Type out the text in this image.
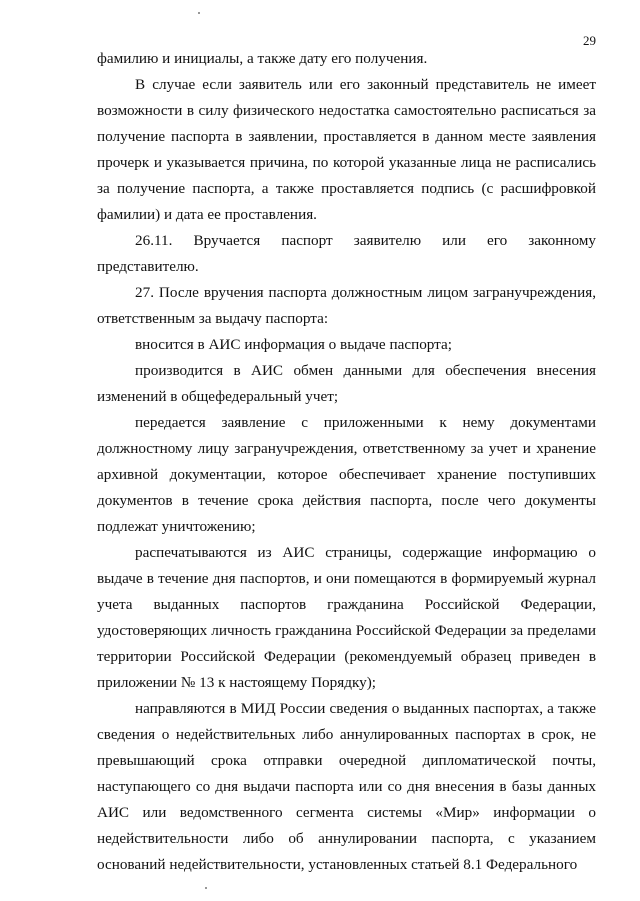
29

фамилию и инициалы, а также дату его получения.

В случае если заявитель или его законный представитель не имеет возможности в силу физического недостатка самостоятельно расписаться за получение паспорта в заявлении, проставляется в данном месте заявления прочерк и указывается причина, по которой указанные лица не расписались за получение паспорта, а также проставляется подпись (с расшифровкой фамилии) и дата ее проставления.

26.11. Вручается паспорт заявителю или его законному представителю.

27. После вручения паспорта должностным лицом загранучреждения, ответственным за выдачу паспорта:

вносится в АИС информация о выдаче паспорта;

производится в АИС обмен данными для обеспечения внесения изменений в общефедеральный учет;

передается заявление с приложенными к нему документами должностному лицу загранучреждения, ответственному за учет и хранение архивной документации, которое обеспечивает хранение поступивших документов в течение срока действия паспорта, после чего документы подлежат уничтожению;

распечатываются из АИС страницы, содержащие информацию о выдаче в течение дня паспортов, и они помещаются в формируемый журнал учета выданных паспортов гражданина Российской Федерации, удостоверяющих личность гражданина Российской Федерации за пределами территории Российской Федерации (рекомендуемый образец приведен в приложении № 13 к настоящему Порядку);

направляются в МИД России сведения о выданных паспортах, а также сведения о недействительных либо аннулированных паспортах в срок, не превышающий срока отправки очередной дипломатической почты, наступающего со дня выдачи паспорта или со дня внесения в базы данных АИС или ведомственного сегмента системы «Мир» информации о недействительности либо об аннулировании паспорта, с указанием оснований недействительности, установленных статьей 8.1 Федерального
